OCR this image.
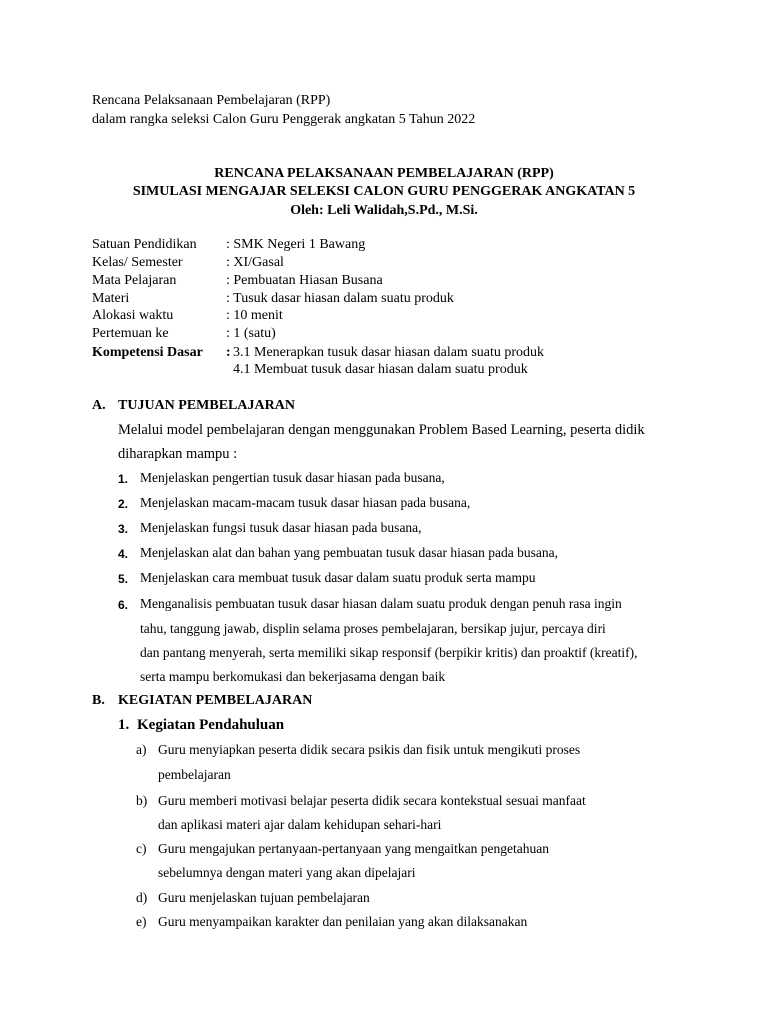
Rencana Pelaksanaan Pembelajaran (RPP)
dalam rangka seleksi Calon Guru Penggerak angkatan 5 Tahun 2022
RENCANA PELAKSANAAN PEMBELAJARAN (RPP)
SIMULASI MENGAJAR SELEKSI CALON GURU PENGGERAK ANGKATAN 5
Oleh: Leli Walidah,S.Pd., M.Si.
Satuan Pendidikan : SMK Negeri 1 Bawang
Kelas/ Semester	: XI/Gasal
Mata Pelajaran	: Pembuatan Hiasan Busana
Materi	: Tusuk dasar hiasan dalam suatu produk
Alokasi waktu	: 10 menit
Pertemuan ke	: 1 (satu)
Kompetensi Dasar : 3.1 Menerapkan tusuk dasar hiasan dalam suatu produk
4.1 Membuat tusuk dasar hiasan dalam suatu produk
A. TUJUAN PEMBELAJARAN
Melalui model pembelajaran dengan menggunakan Problem Based Learning, peserta didik
diharapkan mampu :
1. Menjelaskan pengertian tusuk dasar hiasan pada busana,
2. Menjelaskan macam-macam tusuk dasar hiasan pada busana,
3. Menjelaskan fungsi tusuk dasar hiasan pada busana,
4. Menjelaskan alat dan bahan yang pembuatan tusuk dasar hiasan pada busana,
5. Menjelaskan cara membuat tusuk dasar dalam suatu produk serta mampu
6. Menganalisis pembuatan tusuk dasar hiasan dalam suatu produk dengan penuh rasa ingin
tahu, tanggung jawab, displin selama proses pembelajaran, bersikap jujur, percaya diri
dan pantang menyerah, serta memiliki sikap responsif (berpikir kritis) dan proaktif (kreatif),
serta mampu berkomukasi dan bekerjasama dengan baik
B. KEGIATAN PEMBELAJARAN
1. Kegiatan Pendahuluan
a) Guru menyiapkan peserta didik secara psikis dan fisik untuk mengikuti proses
pembelajaran
b) Guru memberi motivasi belajar peserta didik secara kontekstual sesuai manfaat
dan aplikasi materi ajar dalam kehidupan sehari-hari
c) Guru mengajukan pertanyaan-pertanyaan yang mengaitkan pengetahuan
sebelumnya dengan materi yang akan dipelajari
d) Guru menjelaskan tujuan pembelajaran
e) Guru menyampaikan karakter dan penilaian yang akan dilaksanakan
